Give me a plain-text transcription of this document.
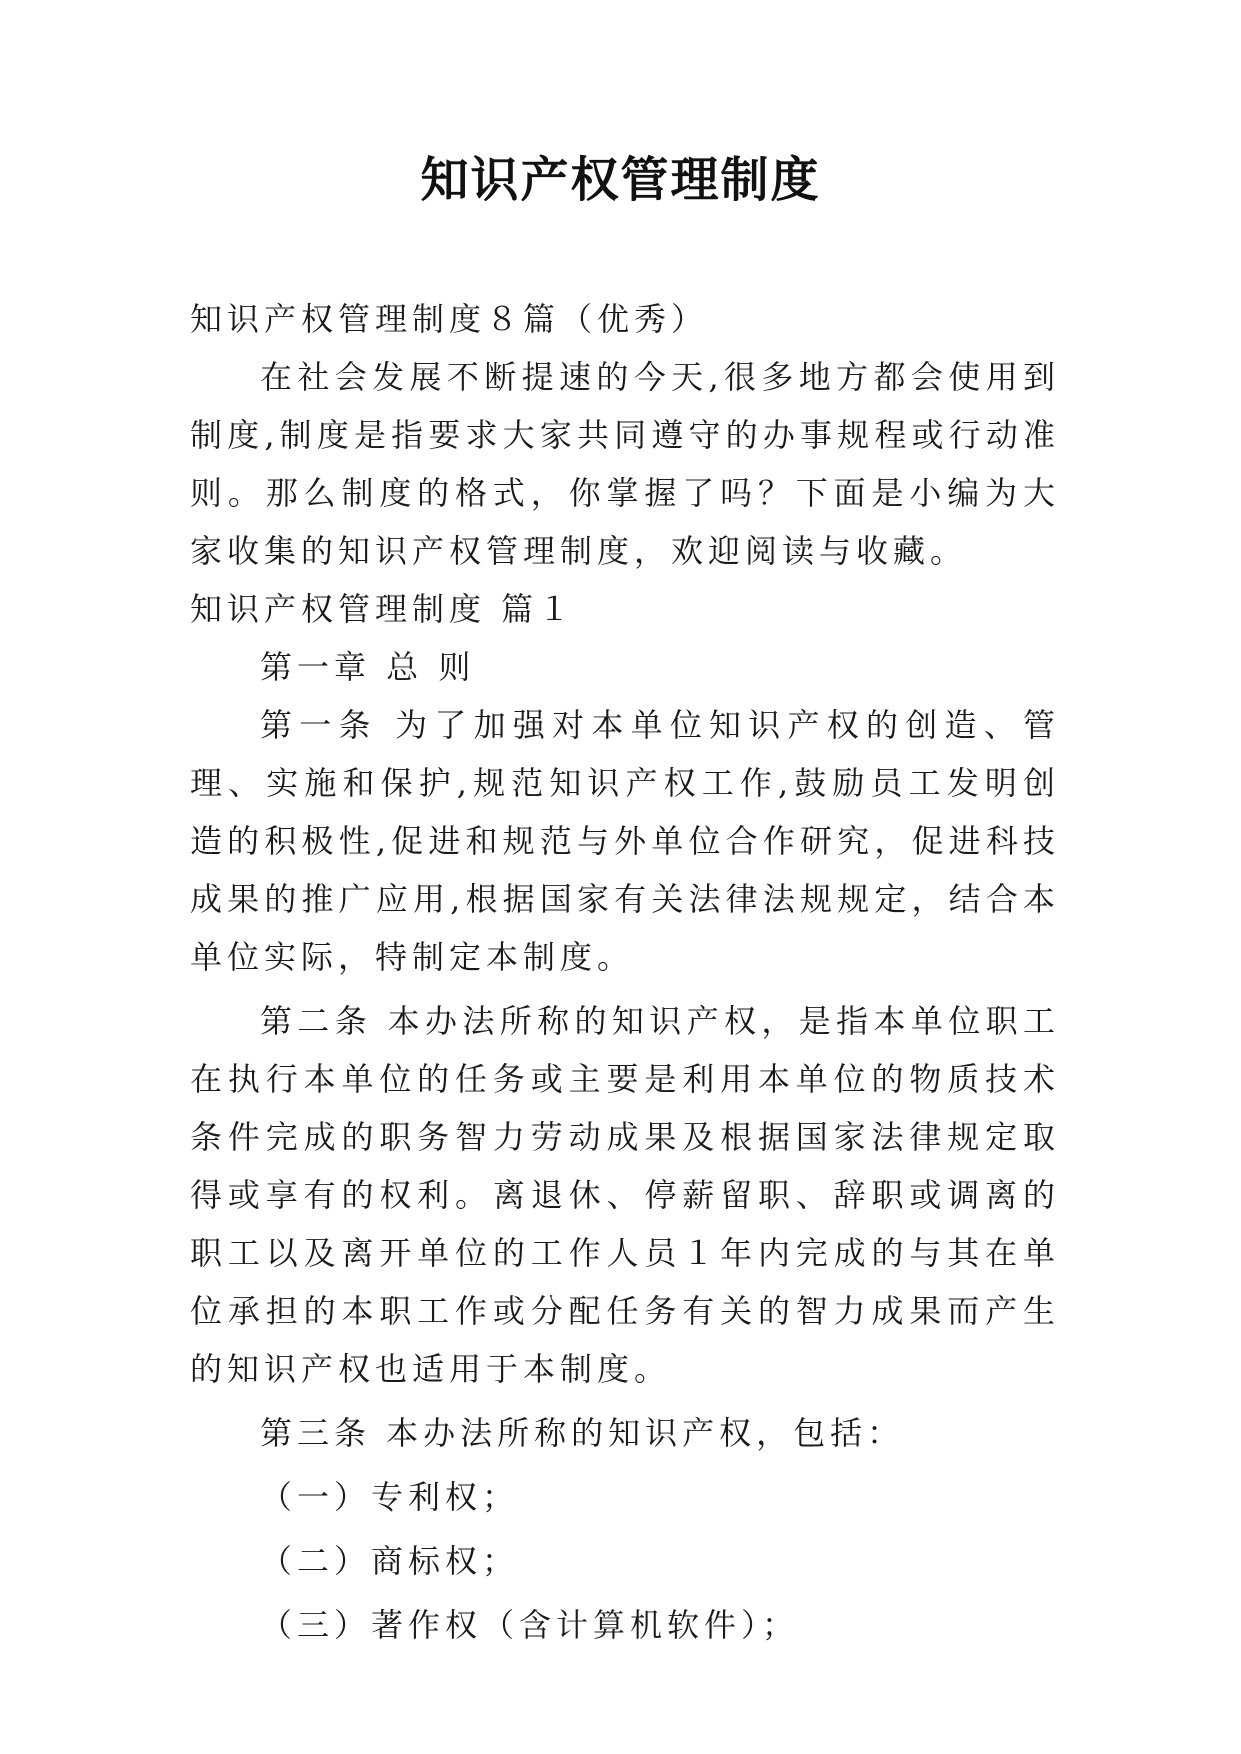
知识产权管理制度

知识产权管理制度８篇（优秀）

在社会发展不断提速的今天,很多地方都会使用到制度,制度是指要求大家共同遵守的办事规程或行动准则。那么制度的格式，你掌握了吗？下面是小编为大家收集的知识产权管理制度，欢迎阅读与收藏。

知识产权管理制度 篇１

第一章 总 则

第一条 为了加强对本单位知识产权的创造、管理、实施和保护,规范知识产权工作,鼓励员工发明创造的积极性,促进和规范与外单位合作研究，促进科技成果的推广应用,根据国家有关法律法规规定，结合本单位实际，特制定本制度。

第二条 本办法所称的知识产权，是指本单位职工在执行本单位的任务或主要是利用本单位的物质技术条件完成的职务智力劳动成果及根据国家法律规定取得或享有的权利。离退休、停薪留职、辞职或调离的职工以及离开单位的工作人员１年内完成的与其在单位承担的本职工作或分配任务有关的智力成果而产生的知识产权也适用于本制度。

第三条 本办法所称的知识产权，包括：

（一）专利权；

（二）商标权；

（三）著作权（含计算机软件）；
